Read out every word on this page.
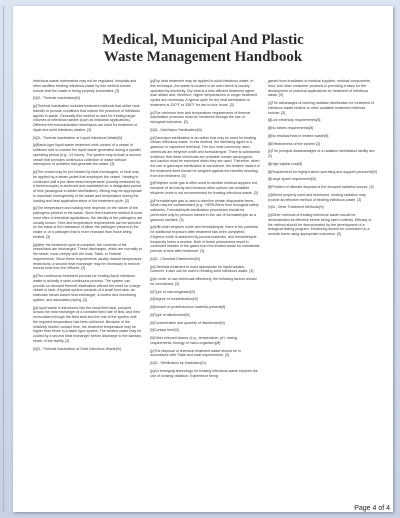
Medical, Municipal And Plastic
Waste Management Handbook

Infectious waste incinerators may not be regulated, hospitals and other facilities treating infectious waste by this method should ensure that the waste is being properly incinerated. [3]

[h]2L. Thermal Inactivation[/h]

[p]Thermal inactivation includes treatment methods that utilize heat transfer to provide conditions that reduce the presence of infectious agents in waste. Generally this method is used for treating larger volumes of infectious wastes (such as industrial applications). Different thermal inactivation techniques are used for treatment of liquid and solid infectious wastes. [3]

[h]2L. Thermal Inactivation of Liquid Infectious Waste[/h]

[p]Batch-type liquid waste treatment units consist of a vessel of sufficient size to contain the liquid waste generated during a specific operating period (e.g., 24 hours). The system may include a second vessel that provides continuous collection of waste without interruption of activities that generate the waste. [3]

[p]The vessel may be pre-heated by heat exchangers, or heat may be applied by a steam jacket that envelopes the vessel. Heating is continued until a pre-determined temperature (usually measured by a thermocouple) is achieved and maintained for a designated period of time (analogous to steam sterilization). Mixing may be appropriate to maximize homogeneity of the waste and temperature during the loading and heat application steps of the treatment cycle. [3]

[p]The temperature and holding time depends on the nature of the pathogens present in the waste. Since this treatment method is used most often in industrial applications, the identity of the pathogens are usually known. Time and temperature requirements can be selected on the basis of the resistance of either the pathogen present in the waste or of a pathogen that is more resistant than those being treated. [3]

[p]After the treatment cycle is complete, the contents of the vessel/tank are discharged. These discharges, which are normally to the sewer, must comply with the local, State, or Federal requirements. Since these requirements usually include temperature restrictions, a second heat exchanger may be necessary to remove excess heat from the effluent. [3]

[p]The continuous treatment process for treating liquid infectious waste is actually a semi-continuous process. The system can provide on-demand thermal inactivation without the need for a large vessel or tank. A typical system consists of a small feed tank, an elaborate steam-based heat exchanger, a control and monitoring system, and associated piping. [3]

[p]Liquid waste is introduced into the small feed tank, pumped across the heat exchanger at a constant fixed rate of flow, and then recirculated through the feed tank and the rest of the system until the required temperature has been achieved. Because of the relatively shorter contact time, the treatment temperature may be higher than those in a batch-type system. The treated waste may be cooled by a second heat exchanger before discharge to the sanitary sewer of the facility. [3]

[h]2L. Thermal Inactivation of Solid Infectious Waste[/h]

[p]Dry heat treatment may be applied to solid infectious waste. In this technique, the waste is located in an oven which is usually operated by electricity. Dry heat is a less efficient treatment agent than steam and, therefore, higher temperatures or longer treatment cycles are necessary. A typical cycle for dry heat sterilization is treatment at 320°F to 338°F for two to four hours. [3]

[p]The minimum time and temperature requirements of thermal inactivation protocols must be monitored through the use of biological indicators. [3]

[h]2L. Gas/Vapor Sterilization[/h]

[p]Gas/vapor sterilization is an option that may be used for treating certain infectious waste. In this method, the sterilizing agent is a gaseous or vaporized chemical. The two most commonly used chemicals are ethylene oxide and formaldehyde. There is substantial evidence that these chemicals are probable human carcinogens, and caution must be exercised when they are used. Therefore, when the use of gas/vapor sterilization is considered, the relative hazard of the treatment itself should be weighed against the benefits resulting from the treatment. [3]

[p]Ethylene oxide gas is often used to sterilize medical supplies but, because of its toxicity and because other options are available, ethylene oxide is not recommended for treating infectious waste. [3]

[p]Formaldehyde gas is used to sterilize certain disposable items, which may be contaminated (e.g., HEPA filters from biological safety cabinets). Formaldehyde sterilization procedures should be performed only by persons trained in the use of formaldehyde as a gaseous sterilant. [3]

[p]With both ethylene oxide and formaldehyde, there is the potential for additional exposure after treatment has been completed. Ethylene oxide is absorbed by porous materials, and formaldehyde frequently forms a residue. Both of these phenomena result in continued release of the gases from the treated waste for substantial periods of time after treatment. [3]

[h]2L. Chemical Disinfection[/h]

[p]Chemical treatment is most appropriate for liquid wastes, however, it also can be used in treating solid infectious waste. [3]

[p]In order to use chemicals effectively, the following factors should be considered: [3]

[li]Type of microorganism[/li]

[li]Degree of contamination[/li]

[li]Amount of proteinaceous material present[/li]

[li]Type of disinfectant[/li]

[li]Concentration and quantity of disinfectant[/li]

[li]Contact time[/li]

[li]Other relevant factors (e.g., temperature, pH, mixing requirements, biology of micro-organism)[/li]

[p]The disposal of chemical treatment waste should be in accordance with State and local requirements. [3]

[h]2L. Sterilization by Irradiation[/h]

[p]An emerging technology for treating infectious waste involves the use of ionizing radiation. Experience being

gained from irradiation of medical supplies, medical components, food, and other consumer products is providing a basis for the development of practical applications for treatment of infectious waste. [3]

[p]The advantages of ionizing radiation sterilization for treatment of infectious waste relative to other available treatment methods include: [3]

[li]Low electricity requirements[/li]

[li]No steam requirements[/li]

[li]No residual heat in treated waste[/li]

[li]Effectiveness of the system [3]

[p]The principal disadvantages of a radiation sterilization facility are: [3]

[li]High capital cost[/li]

[li]Requirement for highly trained operating and support personnel[/li]

[li]Large space requirement[/li]

[li]Problem of ultimate disposal of the decayed radiation source. [3]

[p]Where properly used and monitored, ionizing radiation may provide an effective method of treating infectious waste. [3]

[h]2L. Other Treatment Methods[/h]

[p]Other methods of treating infectious waste should be demonstrated as effective before being used routinely. Efficacy of the method should be demonstrated by the development of a biological testing program. Monitoring should be conducted on a periodic basis using appropriate indicators. [3]

Page 4 of 4
